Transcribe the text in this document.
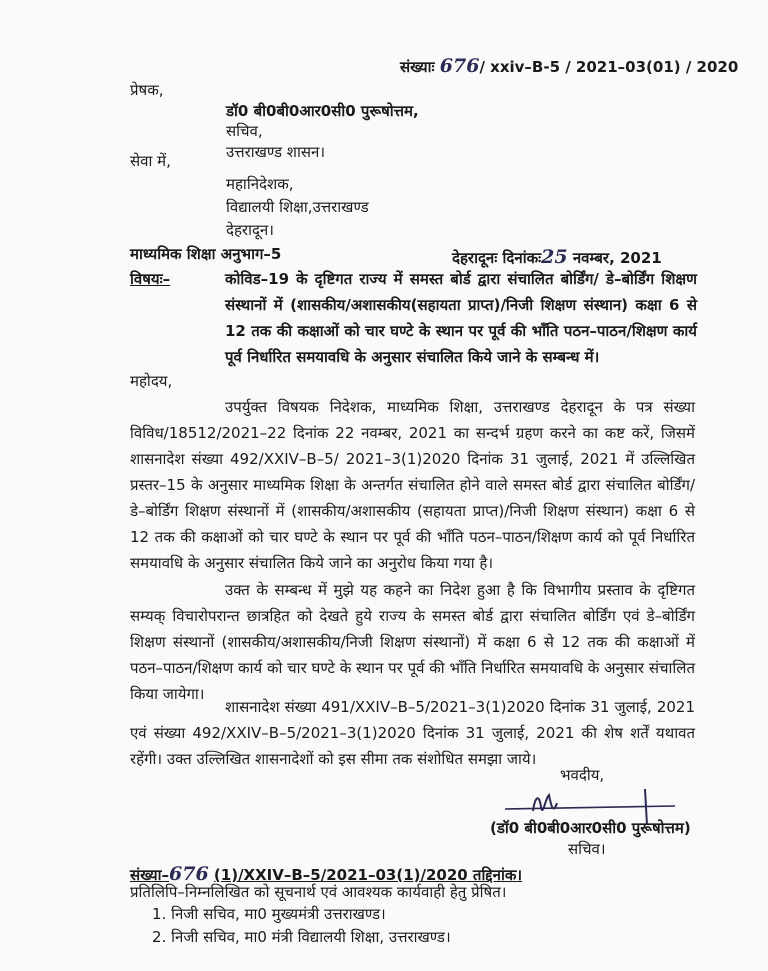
संख्याः 676/ xxiv–B-5 / 2021–03(01) / 2020
प्रेषक,
डॉ0 बी0बी0आर0सी0 पुरूषोत्तम,
सचिव,
उत्तराखण्ड शासन।
सेवा में,
महानिदेशक,
विद्यालयी शिक्षा,उत्तराखण्ड
देहरादून।
माध्यमिक शिक्षा अनुभाग–5	देहरादूनः दिनांकः25 नवम्बर, 2021
विषयः–	कोविड–19 के दृष्टिगत राज्य में समस्त बोर्ड द्वारा संचालित बोर्डिंग/ डे–बोर्डिंग शिक्षण संस्थानों में (शासकीय/अशासकीय(सहायता प्राप्त)/निजी शिक्षण संस्थान) कक्षा 6 से 12 तक की कक्षाओं को चार घण्टे के स्थान पर पूर्व की भाँति पठन–पाठन/शिक्षण कार्य पूर्व निर्धारित समयावधि के अनुसार संचालित किये जाने के सम्बन्ध में।
महोदय,
उपर्युक्त विषयक निदेशक, माध्यमिक शिक्षा, उत्तराखण्ड देहरादून के पत्र संख्या विविध/18512/2021–22 दिनांक 22 नवम्बर, 2021 का सन्दर्भ ग्रहण करने का कष्ट करें, जिसमें शासनादेश संख्या 492/XXIV–B–5/ 2021–3(1)2020 दिनांक 31 जुलाई, 2021 में उल्लिखित प्रस्तर–15 के अनुसार माध्यमिक शिक्षा के अन्तर्गत संचालित होने वाले समस्त बोर्ड द्वारा संचालित बोर्डिंग/डे–बोर्डिंग शिक्षण संस्थानों में (शासकीय/अशासकीय (सहायता प्राप्त)/निजी शिक्षण संस्थान) कक्षा 6 से 12 तक की कक्षाओं को चार घण्टे के स्थान पर पूर्व की भाँति पठन–पाठन/शिक्षण कार्य को पूर्व निर्धारित समयावधि के अनुसार संचालित किये जाने का अनुरोध किया गया है।
उक्त के सम्बन्ध में मुझे यह कहने का निदेश हुआ है कि विभागीय प्रस्ताव के दृष्टिगत सम्यक् विचारोपरान्त छात्रहित को देखते हुये राज्य के समस्त बोर्ड द्वारा संचालित बोर्डिंग एवं डे–बोर्डिंग शिक्षण संस्थानों (शासकीय/अशासकीय/निजी शिक्षण संस्थानों) में कक्षा 6 से 12 तक की कक्षाओं में पठन–पाठन/शिक्षण कार्य को चार घण्टे के स्थान पर पूर्व की भाँति निर्धारित समयावधि के अनुसार संचालित किया जायेगा।
शासनादेश संख्या 491/XXIV–B–5/2021–3(1)2020 दिनांक 31 जुलाई, 2021 एवं संख्या 492/XXIV–B–5/2021–3(1)2020 दिनांक 31 जुलाई, 2021 की शेष शर्तें यथावत रहेंगी। उक्त उल्लिखित शासनादेशों को इस सीमा तक संशोधित समझा जाये।
भवदीय,
(डॉ0 बी0बी0आर0सी0 पुरूषोत्तम)
सचिव।
संख्या–676 (1)/XXIV–B–5/2021–03(1)/2020 तद्दिनांक।
प्रतिलिपि–निम्नलिखित को सूचनार्थ एवं आवश्यक कार्यवाही हेतु प्रेषित।
1. निजी सचिव, मा0 मुख्यमंत्री उत्तराखण्ड।
2. निजी सचिव, मा0 मंत्री विद्यालयी शिक्षा, उत्तराखण्ड।
